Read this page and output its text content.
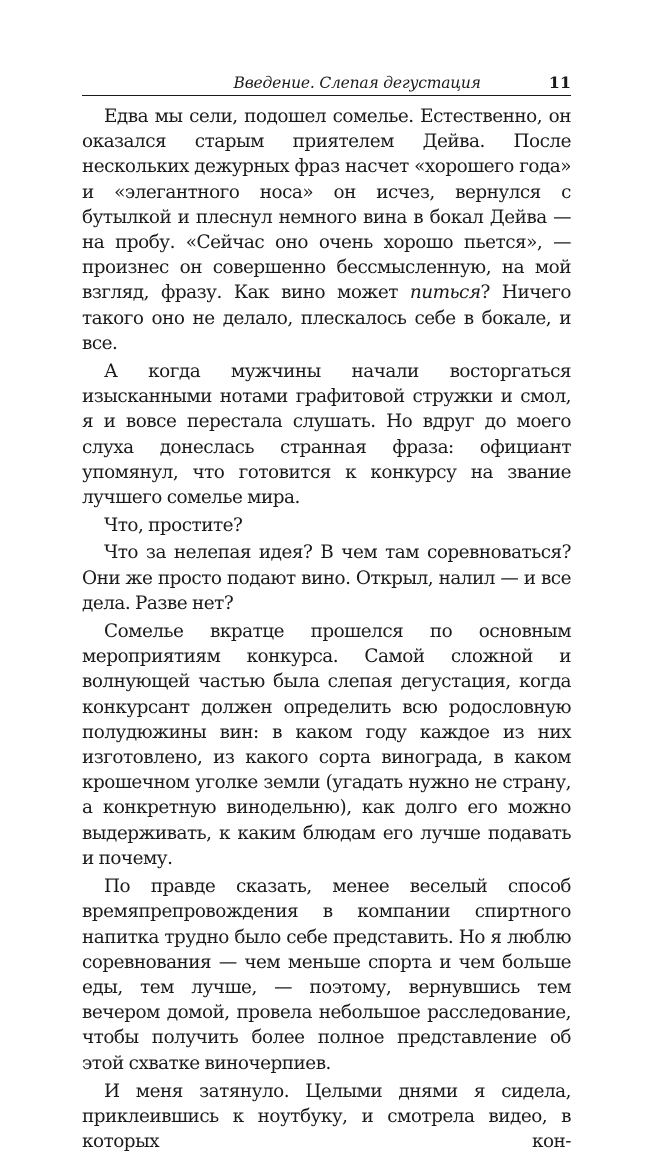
Введение. Слепая дегустация	11

Едва мы сели, подошел сомелье. Естественно, он оказался старым приятелем Дейва. После нескольких дежурных фраз насчет «хорошего года» и «элегантного носа» он исчез, вернулся с бутылкой и плеснул немного вина в бокал Дейва — на пробу. «Сейчас оно очень хорошо пьется», — произнес он совершенно бессмысленную, на мой взгляд, фразу. Как вино может питься? Ничего такого оно не делало, плескалось себе в бокале, и все.

А когда мужчины начали восторгаться изысканными нотами графитовой стружки и смол, я и вовсе перестала слушать. Но вдруг до моего слуха донеслась странная фраза: официант упомянул, что готовится к конкурсу на звание лучшего сомелье мира.

Что, простите?

Что за нелепая идея? В чем там соревноваться? Они же просто подают вино. Открыл, налил — и все дела. Разве нет?

Сомелье вкратце прошелся по основным мероприятиям конкурса. Самой сложной и волнующей частью была слепая дегустация, когда конкурсант должен определить всю родословную полудюжины вин: в каком году каждое из них изготовлено, из какого сорта винограда, в каком крошечном уголке земли (угадать нужно не страну, а конкретную винодельню), как долго его можно выдерживать, к каким блюдам его лучше подавать и почему.

По правде сказать, менее веселый способ времяпрепровождения в компании спиртного напитка трудно было себе представить. Но я люблю соревнования — чем меньше спорта и чем больше еды, тем лучше, — поэтому, вернувшись тем вечером домой, провела небольшое расследование, чтобы получить более полное представление об этой схватке виночерпиев.

И меня затянуло. Целыми днями я сидела, приклеившись к ноутбуку, и смотрела видео, в которых кон-
